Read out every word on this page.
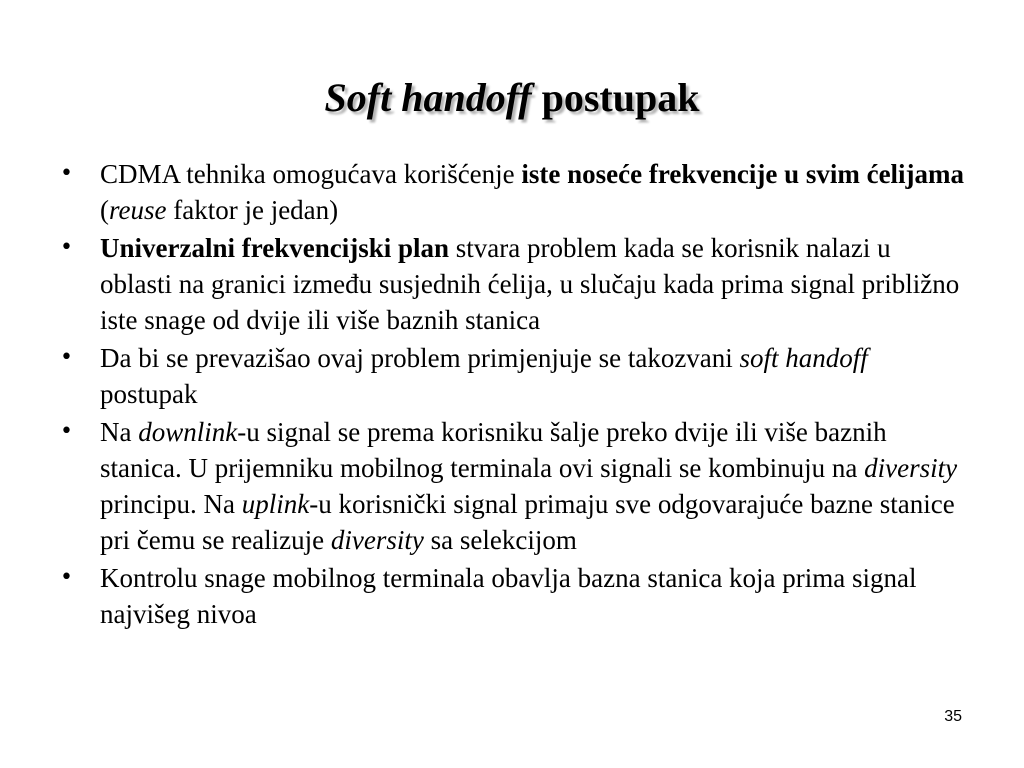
Soft handoff postupak
• CDMA tehnika omogućava korišćenje iste noseće frekvencije u svim ćelijama (reuse faktor je jedan)
• Univerzalni frekvencijski plan stvara problem kada se korisnik nalazi u oblasti na granici između susjednih ćelija, u slučaju kada prima signal približno iste snage od dvije ili više baznih stanica
• Da bi se prevazišao ovaj problem primjenjuje se takozvani soft handoff postupak
• Na downlink-u signal se prema korisniku šalje preko dvije ili više baznih stanica. U prijemniku mobilnog terminala ovi signali se kombinuju na diversity principu. Na uplink-u korisnički signal primaju sve odgovarajuće bazne stanice pri čemu se realizuje diversity sa selekcijom
• Kontrolu snage mobilnog terminala obavlja bazna stanica koja prima signal najvišeg nivoa
35
